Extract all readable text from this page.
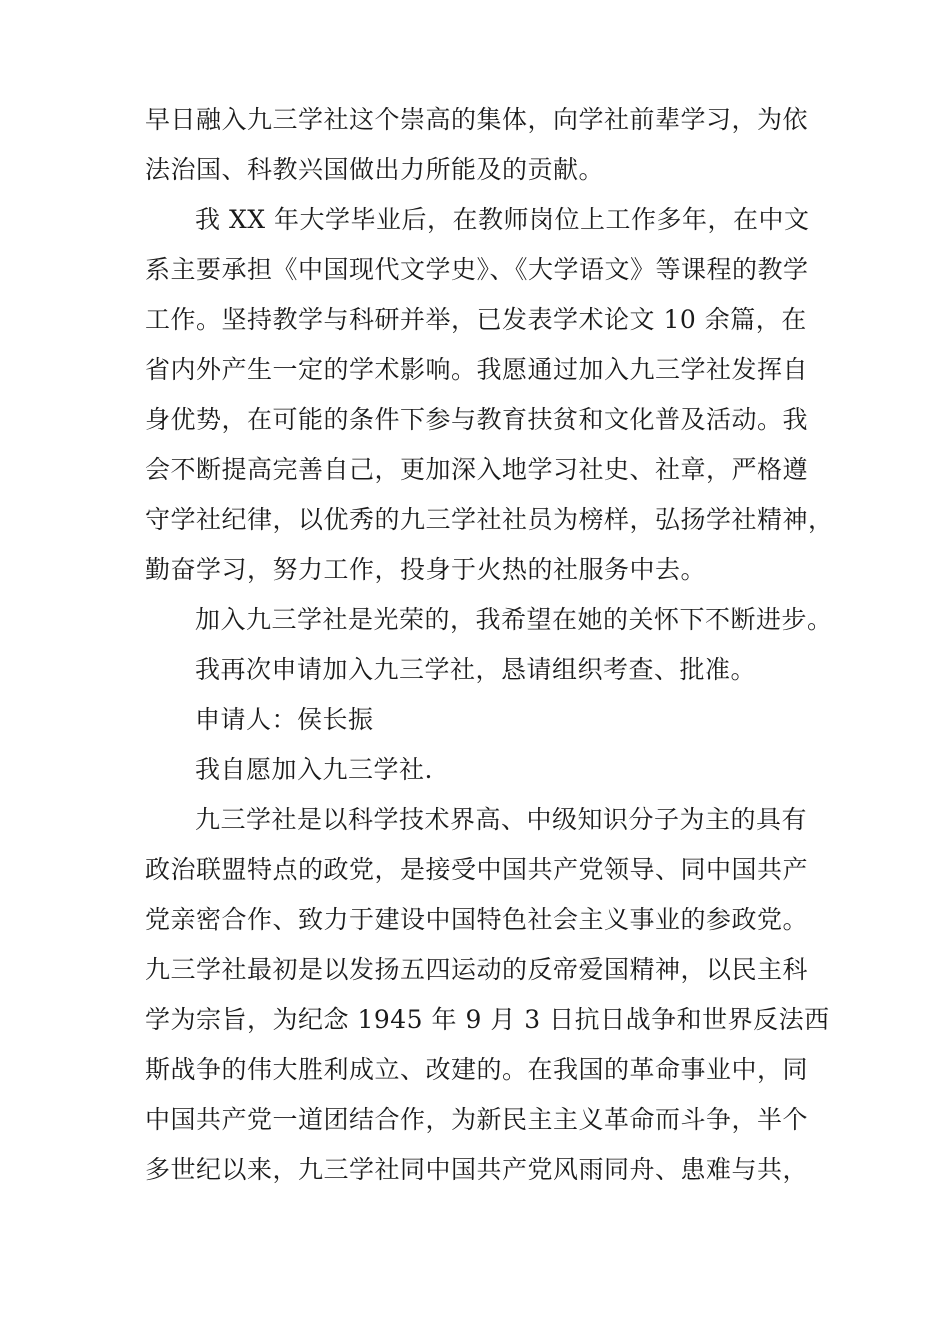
早日融入九三学社这个崇高的集体，向学社前辈学习，为依

法治国、科教兴国做出力所能及的贡献。

我 XX 年大学毕业后，在教师岗位上工作多年，在中文

系主要承担《中国现代文学史》、《大学语文》等课程的教学

工作。坚持教学与科研并举，已发表学术论文 10 余篇，在

省内外产生一定的学术影响。我愿通过加入九三学社发挥自

身优势，在可能的条件下参与教育扶贫和文化普及活动。我

会不断提高完善自己，更加深入地学习社史、社章，严格遵

守学社纪律，以优秀的九三学社社员为榜样，弘扬学社精神，

勤奋学习，努力工作，投身于火热的社服务中去。

加入九三学社是光荣的，我希望在她的关怀下不断进步。

我再次申请加入九三学社，恳请组织考查、批准。

申请人：侯长振

我自愿加入九三学社.

九三学社是以科学技术界高、中级知识分子为主的具有

政治联盟特点的政党，是接受中国共产党领导、同中国共产

党亲密合作、致力于建设中国特色社会主义事业的参政党。

九三学社最初是以发扬五四运动的反帝爱国精神，以民主科

学为宗旨，为纪念 1945 年 9 月 3 日抗日战争和世界反法西

斯战争的伟大胜利成立、改建的。在我国的革命事业中，同

中国共产党一道团结合作，为新民主主义革命而斗争，半个

多世纪以来，九三学社同中国共产党风雨同舟、患难与共，
